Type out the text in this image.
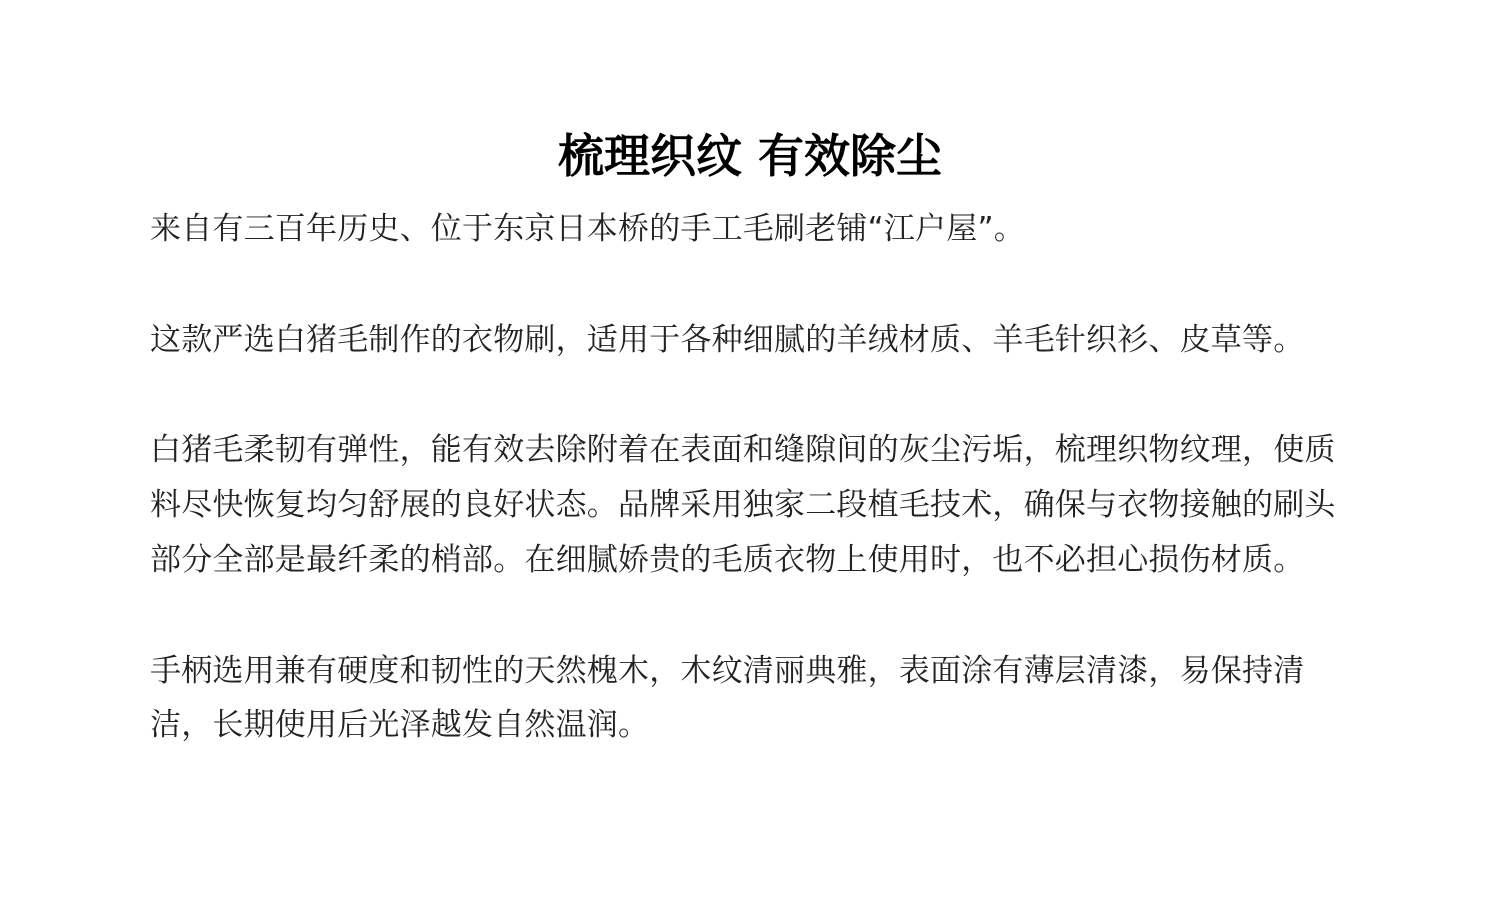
梳理织纹 有效除尘

来自有三百年历史、位于东京日本桥的手工毛刷老铺“江户屋”。

这款严选白猪毛制作的衣物刷，适用于各种细腻的羊绒材质、羊毛针织衫、皮草等。

白猪毛柔韧有弹性，能有效去除附着在表面和缝隙间的灰尘污垢，梳理织物纹理，使质料尽快恢复均匀舒展的良好状态。品牌采用独家二段植毛技术，确保与衣物接触的刷头部分全部是最纤柔的梢部。在细腻娇贵的毛质衣物上使用时，也不必担心损伤材质。

手柄选用兼有硬度和韧性的天然槐木，木纹清丽典雅，表面涂有薄层清漆，易保持清洁，长期使用后光泽越发自然温润。
